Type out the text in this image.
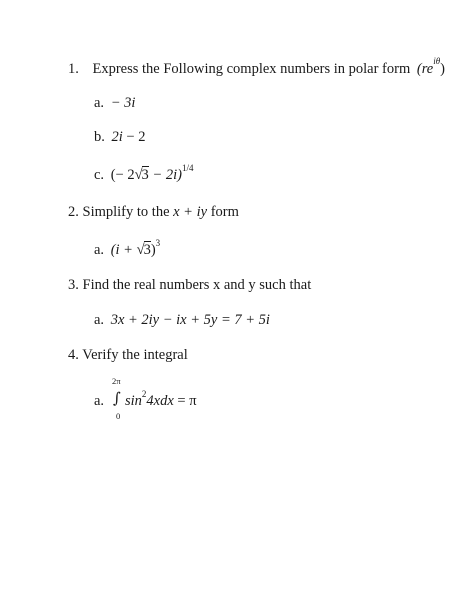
1. Express the Following complex numbers in polar form $(re^{i\theta})$
a. − 3i
b. 2i − 2
c. (− 2√3 − 2i)$^{1/4}$
2. Simplify to the x + iy form
a. $(i + √3)^3$
3. Find the real numbers x and y such that
a. 3x + 2iy − ix + 5y = 7 + 5i
4. Verify the integral
a.
2π
∫
0
$\sin^24xdx = \pi$
